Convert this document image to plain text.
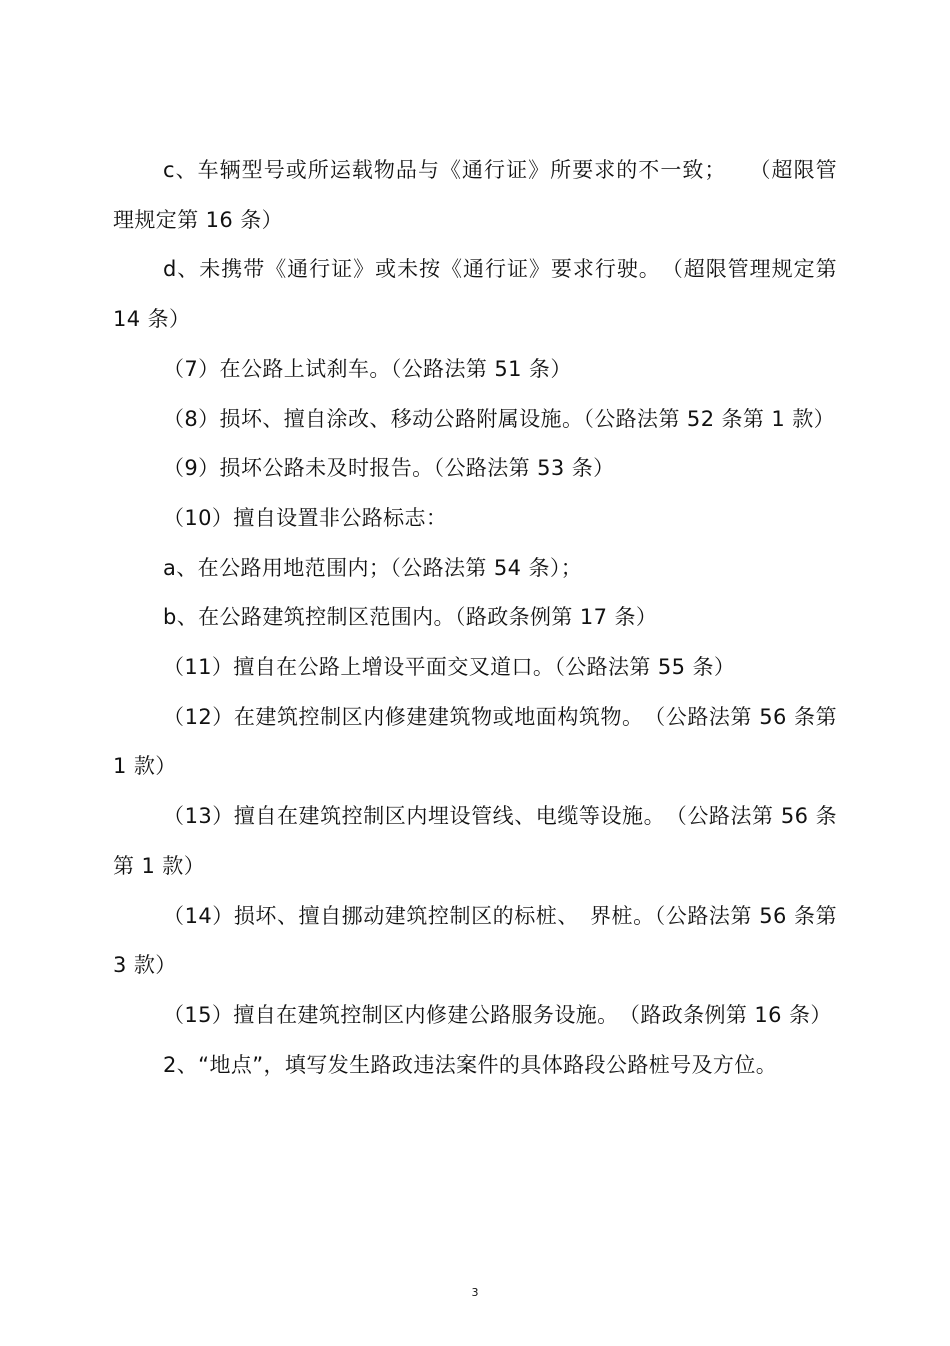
c、车辆型号或所运载物品与《通行证》所要求的不一致；　　（超限管理规定第 16 条）

d、未携带《通行证》或未按《通行证》要求行驶。　（超限管理规定第 14 条）

（7）在公路上试刹车。（公路法第 51 条）

（8）损坏、擅自涂改、移动公路附属设施。（公路法第 52 条第 1 款）

（9）损坏公路未及时报告。（公路法第 53 条）

（10）擅自设置非公路标志：

a、在公路用地范围内；（公路法第 54 条）；

b、在公路建筑控制区范围内。（路政条例第 17 条）

（11）擅自在公路上增设平面交叉道口。（公路法第 55 条）

（12）在建筑控制区内修建建筑物或地面构筑物。　（公路法第 56 条第 1 款）

（13）擅自在建筑控制区内埋设管线、电缆等设施。　（公路法第 56 条第 1 款）

（14）损坏、擅自挪动建筑控制区的标桩、　界桩。（公路法第 56 条第 3 款）

（15）擅自在建筑控制区内修建公路服务设施。　（路政条例第 16 条）

2、“地点”，填写发生路政违法案件的具体路段公路桩号及方位。

3
